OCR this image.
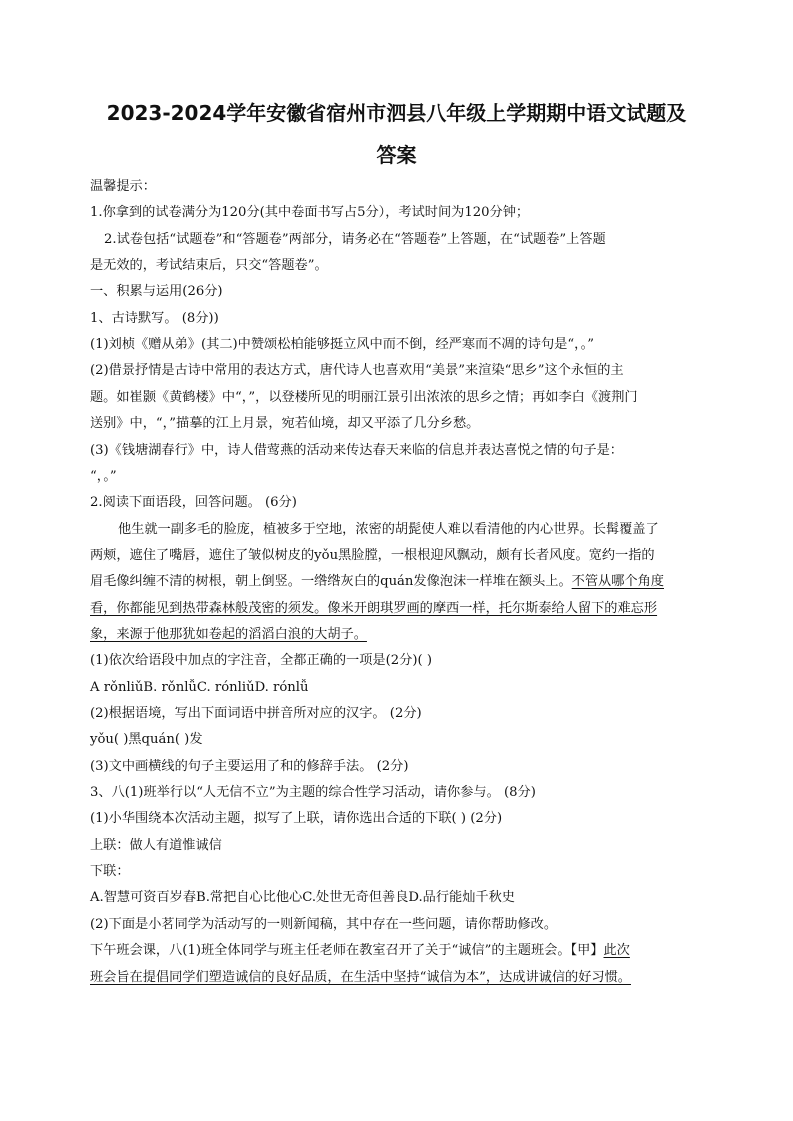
2023-2024学年安徽省宿州市泗县八年级上学期期中语文试题及
答案
温馨提示：
1.你拿到的试卷满分为120分(其中卷面书写占5分），考试时间为120分钟；
2.试卷包括“试题卷”和“答题卷”两部分，请务必在“答题卷”上答题，在“试题卷”上答题
是无效的，考试结束后，只交“答题卷”。
一、积累与运用(26分)
1、古诗默写。 (8分))
(1)刘桢《赠从弟》(其二)中赞颂松柏能够挺立风中而不倒，经严寒而不凋的诗句是“，。”
(2)借景抒情是古诗中常用的表达方式，唐代诗人也喜欢用“美景”来渲染“思乡”这个永恒的主
题。如崔颢《黄鹤楼》中“，”，以登楼所见的明丽江景引出浓浓的思乡之情；再如李白《渡荆门
送别》中，“，”描摹的江上月景，宛若仙境，却又平添了几分乡愁。
(3)《钱塘湖春行》中，诗人借莺燕的活动来传达春天来临的信息并表达喜悦之情的句子是：
“，。”
2.阅读下面语段，回答问题。 (6分)
他生就一副多毛的脸庞，植被多于空地，浓密的胡髭使人难以看清他的内心世界。长髯覆盖了
两颊，遮住了嘴唇，遮住了皱似树皮的yǒu黑脸膛，一根根迎风飘动，颇有长者风度。宽约一指的
眉毛像纠缠不清的树根，朝上倒竖。一绺绺灰白的quán发像泡沫一样堆在额头上。不管从哪个角度
看，你都能见到热带森林般茂密的须发。像米开朗琪罗画的摩西一样，托尔斯泰给人留下的难忘形
象，来源于他那犹如卷起的滔滔白浪的大胡子。
(1)依次给语段中加点的字注音，全都正确的一项是(2分)( )
A rǒnliǔB. rǒnlǚC. rónliǔD. rónlǚ
(2)根据语境，写出下面词语中拼音所对应的汉字。 (2分)
yǒu( )黑quán( )发
(3)文中画横线的句子主要运用了和的修辞手法。 (2分)
3、八(1)班举行以“人无信不立”为主题的综合性学习活动，请你参与。 (8分)
(1)小华围绕本次活动主题，拟写了上联，请你选出合适的下联( ) (2分)
上联：做人有道惟诚信
下联：
A.智慧可资百岁春B.常把自心比他心C.处世无奇但善良D.品行能灿千秋史
(2)下面是小茗同学为活动写的一则新闻稿，其中存在一些问题，请你帮助修改。
下午班会课，八(1)班全体同学与班主任老师在教室召开了关于“诚信”的主题班会。【甲】此次
班会旨在提倡同学们塑造诚信的良好品质，在生活中坚持“诚信为本”，达成讲诚信的好习惯。
